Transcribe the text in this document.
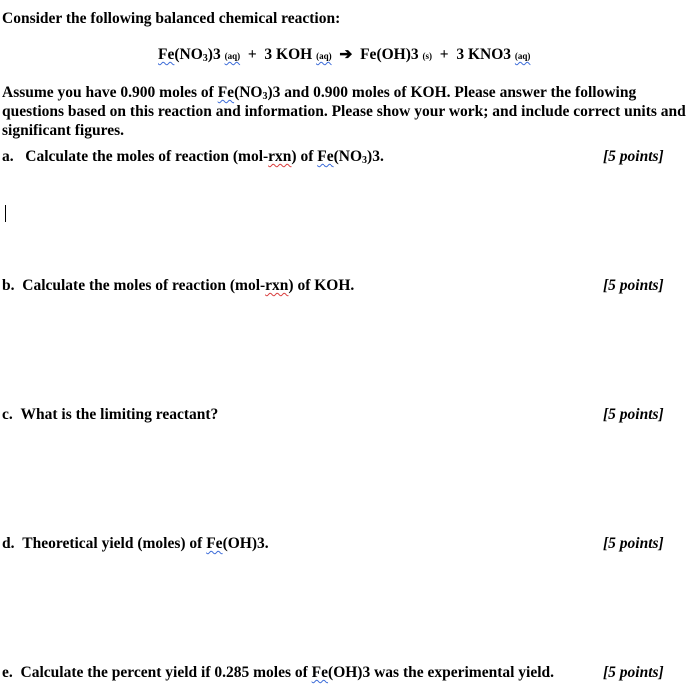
Consider the following balanced chemical reaction:
$Fe(NO_3)3$ (aq) + 3 KOH (aq) ➔ Fe(OH)3 (s) + 3 KNO3 (aq)
Assume you have 0.900 moles of $Fe(NO_3)3$ and 0.900 moles of KOH. Please answer the following questions based on this reaction and information. Please show your work; and include correct units and significant figures.
a. Calculate the moles of reaction (mol-rxn) of $Fe(NO_3)3$.	[5 points]
b. Calculate the moles of reaction (mol-rxn) of KOH.	[5 points]
c. What is the limiting reactant?	[5 points]
d. Theoretical yield (moles) of Fe(OH)3.	[5 points]
e. Calculate the percent yield if 0.285 moles of Fe(OH)3 was the experimental yield.	[5 points]
